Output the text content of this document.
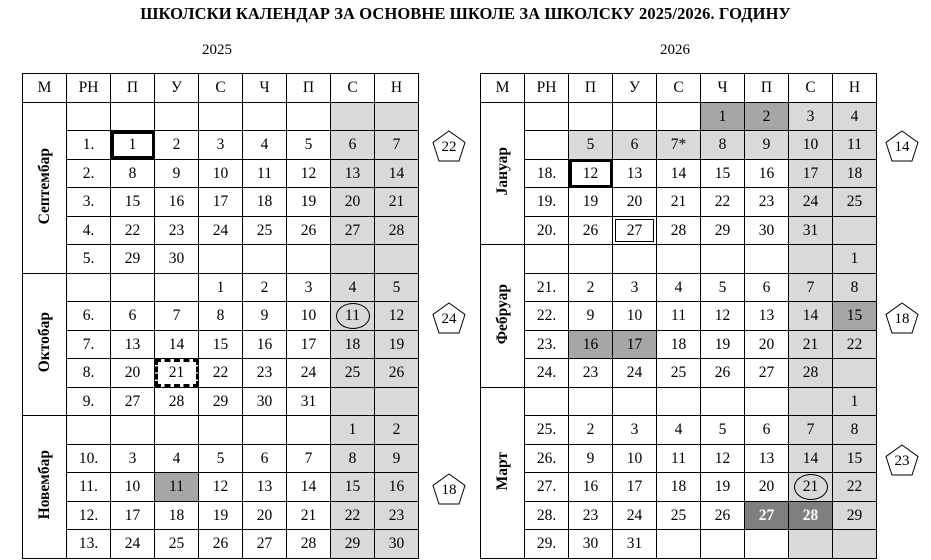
ШКОЛСКИ КАЛЕНДАР ЗА ОСНОВНЕ ШКОЛЕ ЗА ШКОЛСКУ 2025/2026. ГОДИНУ
2025	2026
М	РН	П	У	С	Ч	П	С	Н
Септембар								
	1.	1	2	3	4	5	6	7
	2.	8	9	10	11	12	13	14
	3.	15	16	17	18	19	20	21
	4.	22	23	24	25	26	27	28
	5.	29	30					
Октобар				1	2	3	4	5
	6.	6	7	8	9	10	11	12
	7.	13	14	15	16	17	18	19
	8.	20	21	22	23	24	25	26
	9.	27	28	29	30	31		
Новембар							1	2
	10.	3	4	5	6	7	8	9
	11.	10	11	12	13	14	15	16
	12.	17	18	19	20	21	22	23
	13.	24	25	26	27	28	29	30
М	РН	П	У	С	Ч	П	С	Н
Јануар					1	2	3	4
		5	6	7*	8	9	10	11
	18.	12	13	14	15	16	17	18
	19.	19	20	21	22	23	24	25
	20.	26	27	28	29	30	31	
Фебруар								1
	21.	2	3	4	5	6	7	8
	22.	9	10	11	12	13	14	15
	23.	16	17	18	19	20	21	22
	24.	23	24	25	26	27	28	
Март								1
	25.	2	3	4	5	6	7	8
	26.	9	10	11	12	13	14	15
	27.	16	17	18	19	20	21	22
	28.	23	24	25	26	27	28	29
	29.	30	31					
22
24
18
14
18
23
